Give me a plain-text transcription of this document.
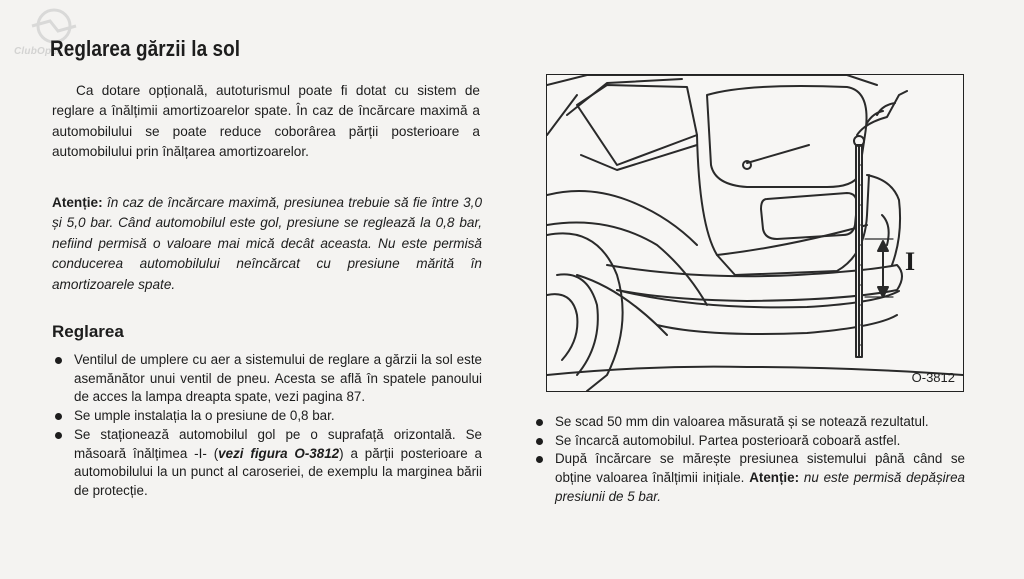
ClubOpel
Reglarea gărzii la sol

Ca dotare opțională, autoturismul poate fi dotat cu sistem de reglare a înălțimii amortizoarelor spate. În caz de încărcare maximă a automobilului se poate reduce coborârea părții posterioare a automobilului prin înălțarea amortizoarelor.

Atenție: în caz de încărcare maximă, presiunea trebuie să fie între 3,0 și 5,0 bar. Când automobilul este gol, presiune se reglează la 0,8 bar, nefiind permisă o valoare mai mică decât aceasta. Nu este permisă conducerea automobilului neîncărcat cu presiune mărită în amortizoarele spate.

Reglarea
Ventilul de umplere cu aer a sistemului de reglare a gărzii la sol este asemănător unui ventil de pneu. Acesta se află în spatele panoului de acces la lampa dreapta spate, vezi pagina 87.
Se umple instalația la o presiune de 0,8 bar.
Se staționează automobilul gol pe o suprafață orizontală. Se măsoară înălțimea -I- (vezi figura O-3812) a părții posterioare a automobilului la un punct al caroseriei, de exemplu la marginea bării de protecție.
I
O-3812
Se scad 50 mm din valoarea măsurată și se notează rezultatul.
Se încarcă automobilul. Partea posterioară coboară astfel.
După încărcare se mărește presiunea sistemului până când se obține valoarea înălțimii inițiale. Atenție: nu este permisă depășirea presiunii de 5 bar.
